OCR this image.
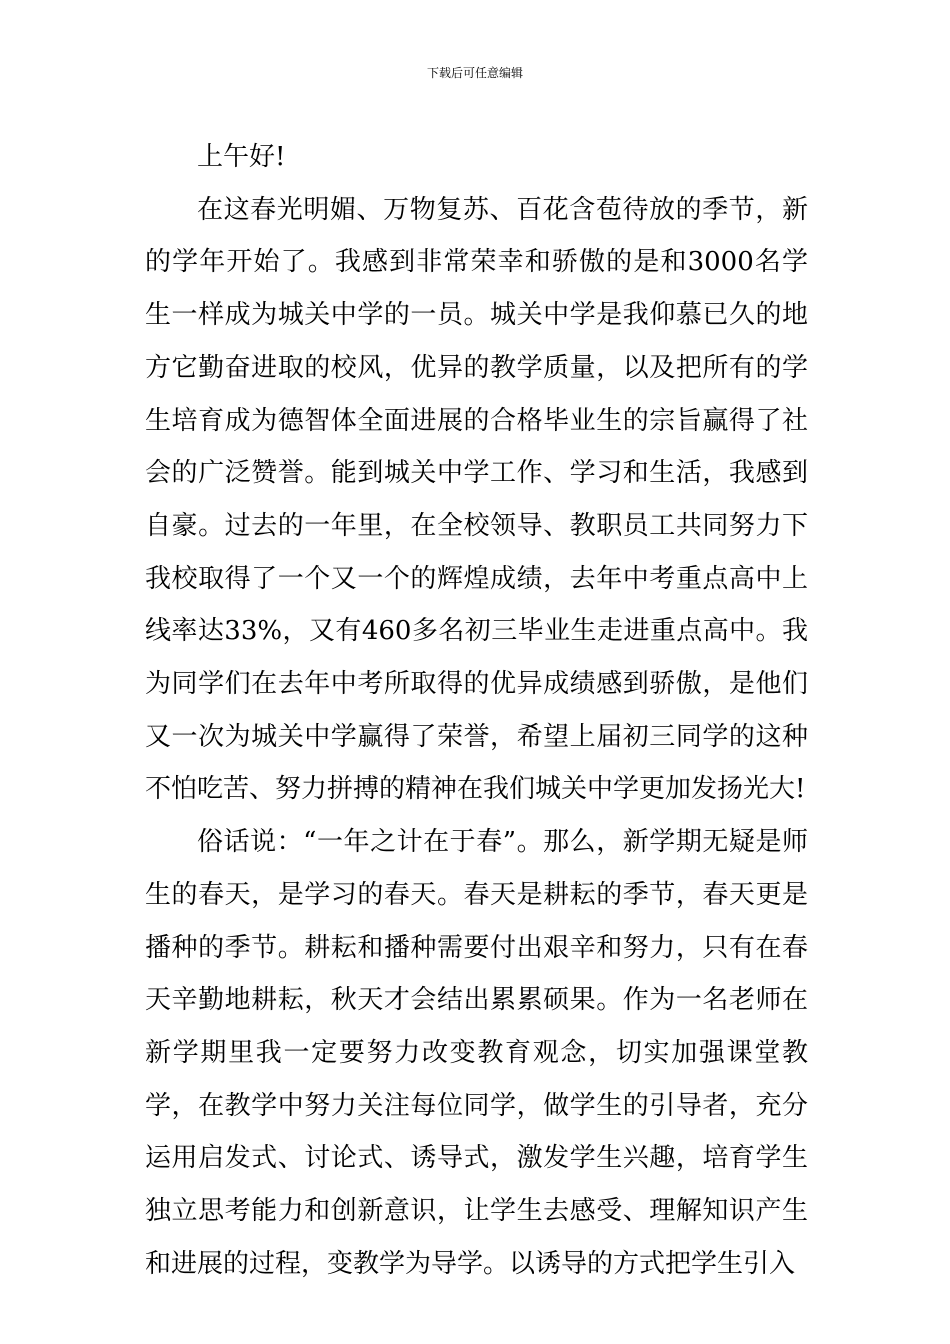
下载后可任意编辑

上午好!

在这春光明媚、万物复苏、百花含苞待放的季节，新的学年开始了。我感到非常荣幸和骄傲的是和3000名学生一样成为城关中学的一员。城关中学是我仰慕已久的地方它勤奋进取的校风，优异的教学质量，以及把所有的学生培育成为德智体全面进展的合格毕业生的宗旨赢得了社会的广泛赞誉。能到城关中学工作、学习和生活，我感到自豪。过去的一年里，在全校领导、教职员工共同努力下我校取得了一个又一个的辉煌成绩，去年中考重点高中上线率达33%，又有460多名初三毕业生走进重点高中。我为同学们在去年中考所取得的优异成绩感到骄傲，是他们又一次为城关中学赢得了荣誉，希望上届初三同学的这种不怕吃苦、努力拼搏的精神在我们城关中学更加发扬光大!

俗话说：“一年之计在于春”。那么，新学期无疑是师生的春天，是学习的春天。春天是耕耘的季节，春天更是播种的季节。耕耘和播种需要付出艰辛和努力，只有在春天辛勤地耕耘，秋天才会结出累累硕果。作为一名老师在新学期里我一定要努力改变教育观念，切实加强课堂教学，在教学中努力关注每位同学，做学生的引导者，充分运用启发式、讨论式、诱导式，激发学生兴趣，培育学生独立思考能力和创新意识，让学生去感受、理解知识产生和进展的过程，变教学为导学。以诱导的方式把学生引入
